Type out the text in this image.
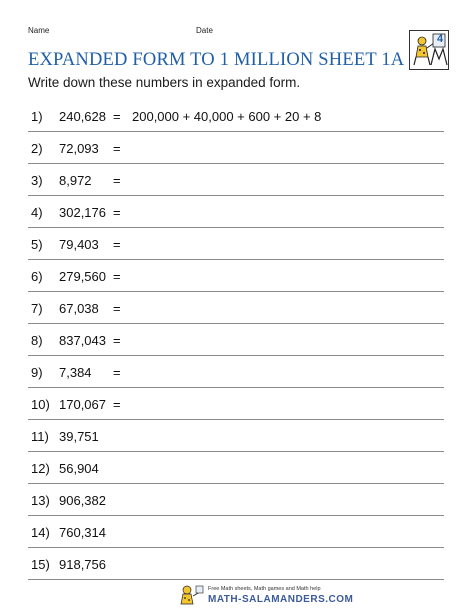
Name	Date
EXPANDED FORM TO 1 MILLION SHEET 1A
Write down these numbers in expanded form.
4
1) 240,628 = 200,000 + 40,000 + 600 + 20 + 8
2) 72,093 =
3) 8,972 =
4) 302,176 =
5) 79,403 =
6) 279,560 =
7) 67,038 =
8) 837,043 =
9) 7,384 =
10) 170,067 =
11) 39,751
12) 56,904
13) 906,382
14) 760,314
15) 918,756
Free Math sheets, Math games and Math help
MATH-SALAMANDERS.COM
